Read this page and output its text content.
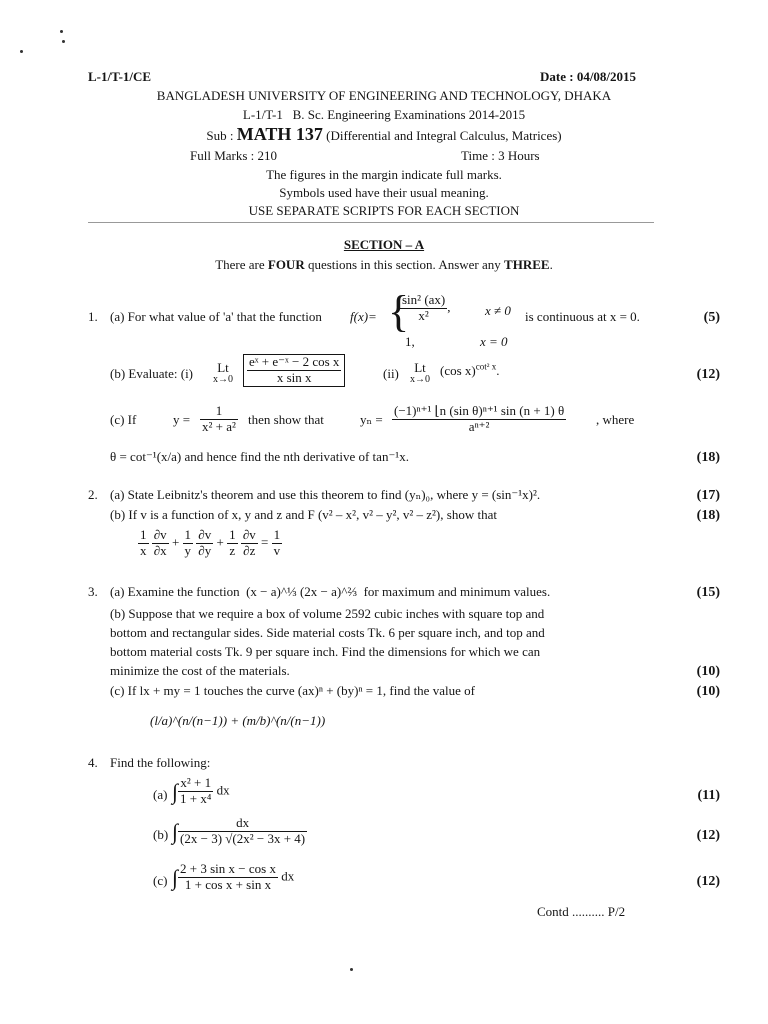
L-1/T-1/CE	Date : 04/08/2015
BANGLADESH UNIVERSITY OF ENGINEERING AND TECHNOLOGY, DHAKA
L-1/T-1 B. Sc. Engineering Examinations 2014-2015
Sub : MATH 137 (Differential and Integral Calculus, Matrices)
Full Marks : 210	Time : 3 Hours
The figures in the margin indicate full marks.
Symbols used have their usual meaning.
USE SEPARATE SCRIPTS FOR EACH SECTION
SECTION – A
There are FOUR questions in this section. Answer any THREE.
1. (a) For what value of 'a' that the function f(x)= {
$\frac{\text{sin² (ax)}}{\text{x²}}$ ,	x ≠ 0
1,	x = 0
is continuous at x = 0.	(5)
(b) Evaluate: (i)	Lt
$x\to 0 \frac{\text{eˣ + e⁻ˣ − 2 cos x}}{\text{x sin x}}$	(ii)	Lt
x→0
(cos x)$^{cot^2 x}$.	(12)
(c) If	$y = \frac{1}{\text{x² + a²}}$ then show that	$y_n = \frac{\text{(−1)ⁿ⁺¹ ⌊n (sin θ)ⁿ⁺¹ sin (n + 1) θ}}{\text{aⁿ⁺²}}$ , where
θ = cot⁻¹(x/a) and hence find the nth derivative of tan⁻¹x.	(18)
2. (a) State Leibnitz's theorem and use this theorem to find (yₙ)₀, where y = (sin⁻¹x)².	(17)
(b) If v is a function of x, y and z and F (v² – x², v² – y², v² – z²), show that	(18)
$\frac{1}{x}$
$\frac{\partial v}{\partial x} + \frac{1}{y}$
$\frac{\partial v}{\partial y} + \frac{1}{z}$
$\frac{\partial v}{\partial z} = \frac{1}{v}$
3. (a) Examine the function (x − a)^⅓ (2x − a)^⅔ for maximum and minimum values.	(15)
(b) Suppose that we require a box of volume 2592 cubic inches with square top and
bottom and rectangular sides. Side material costs Tk. 6 per square inch, and top and
bottom material costs Tk. 9 per square inch. Find the dimensions for which we can
minimize the cost of the materials.	(10)
(c) If lx + my = 1 touches the curve (ax)ⁿ + (by)ⁿ = 1, find the value of	(10)
(l/a)^(n/(n−1)) + (m/b)^(n/(n−1))
4. Find the following:
(a) ∫ $\frac{\text{x² + 1}}{\text{1 + x⁴}}$ dx	(11)
(b) ∫ $\frac{dx}{\text{(2x − 3) √(2x² − 3x + 4)}}$	(12)
(c) ∫ $\frac{\text{2 + 3 sin x − cos x}}{\text{1 + cos x + sin x}}$ dx	(12)
Contd .......... P/2
